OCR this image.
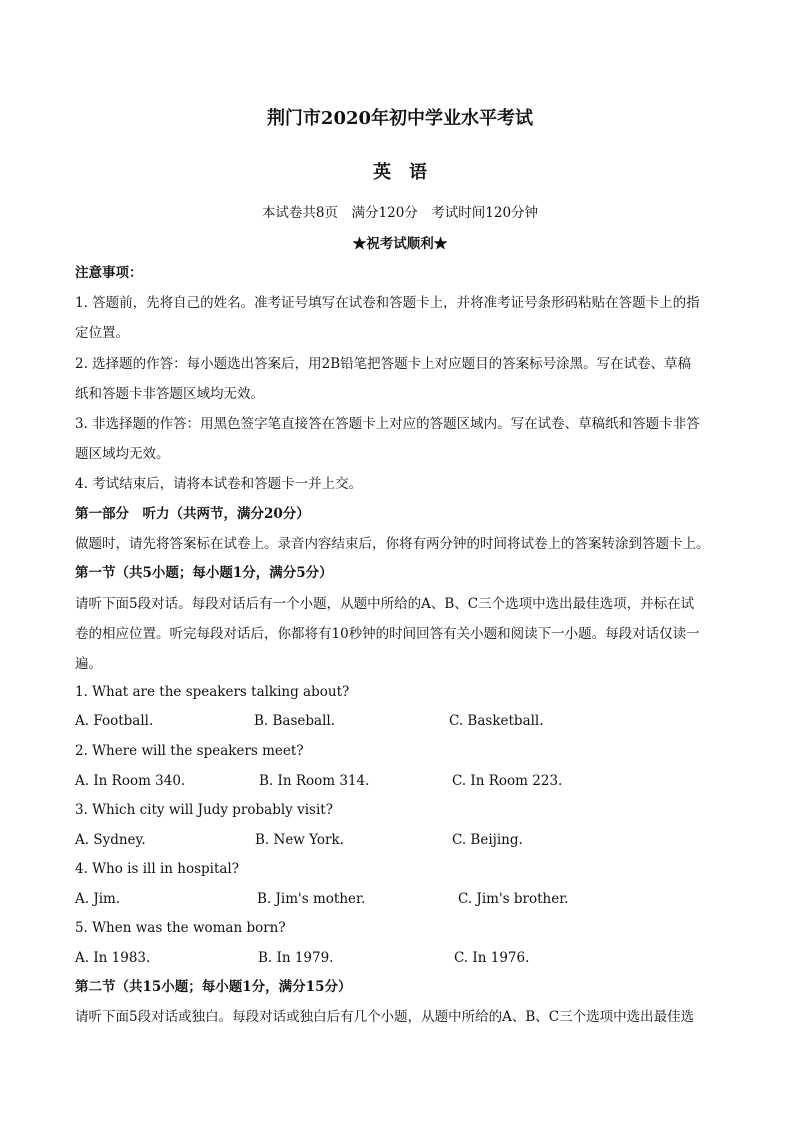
荆门市2020年初中学业水平考试
英　语
本试卷共8页　满分120分　考试时间120分钟
★祝考试顺利★
注意事项：
1. 答题前，先将自己的姓名。准考证号填写在试卷和答题卡上，并将准考证号条形码粘贴在答题卡上的指
定位置。
2. 选择题的作答：每小题选出答案后，用2B铅笔把答题卡上对应题目的答案标号涂黑。写在试卷、草稿
纸和答题卡非答题区域均无效。
3. 非选择题的作答：用黑色签字笔直接答在答题卡上对应的答题区域内。写在试卷、草稿纸和答题卡非答
题区域均无效。
4. 考试结束后，请将本试卷和答题卡一并上交。
第一部分　听力（共两节，满分20分）
做题时，请先将答案标在试卷上。录音内容结束后，你将有两分钟的时间将试卷上的答案转涂到答题卡上。
第一节（共5小题；每小题1分，满分5分）
请听下面5段对话。每段对话后有一个小题，从题中所给的A、B、C三个选项中选出最佳选项，并标在试
卷的相应位置。听完每段对话后，你都将有10秒钟的时间回答有关小题和阅读下一小题。每段对话仅读一
遍。
1. What are the speakers talking about?
A. Football.	B. Baseball.	C. Basketball.
2. Where will the speakers meet?
A. In Room 340.	B. In Room 314.	C. In Room 223.
3. Which city will Judy probably visit?
A. Sydney.	B. New York.	C. Beijing.
4. Who is ill in hospital?
A. Jim.	B. Jim's mother.	C. Jim's brother.
5. When was the woman born?
A. In 1983.	B. In 1979.	C. In 1976.
第二节（共15小题；每小题1分，满分15分）
请听下面5段对话或独白。每段对话或独白后有几个小题，从题中所给的A、B、C三个选项中选出最佳选
